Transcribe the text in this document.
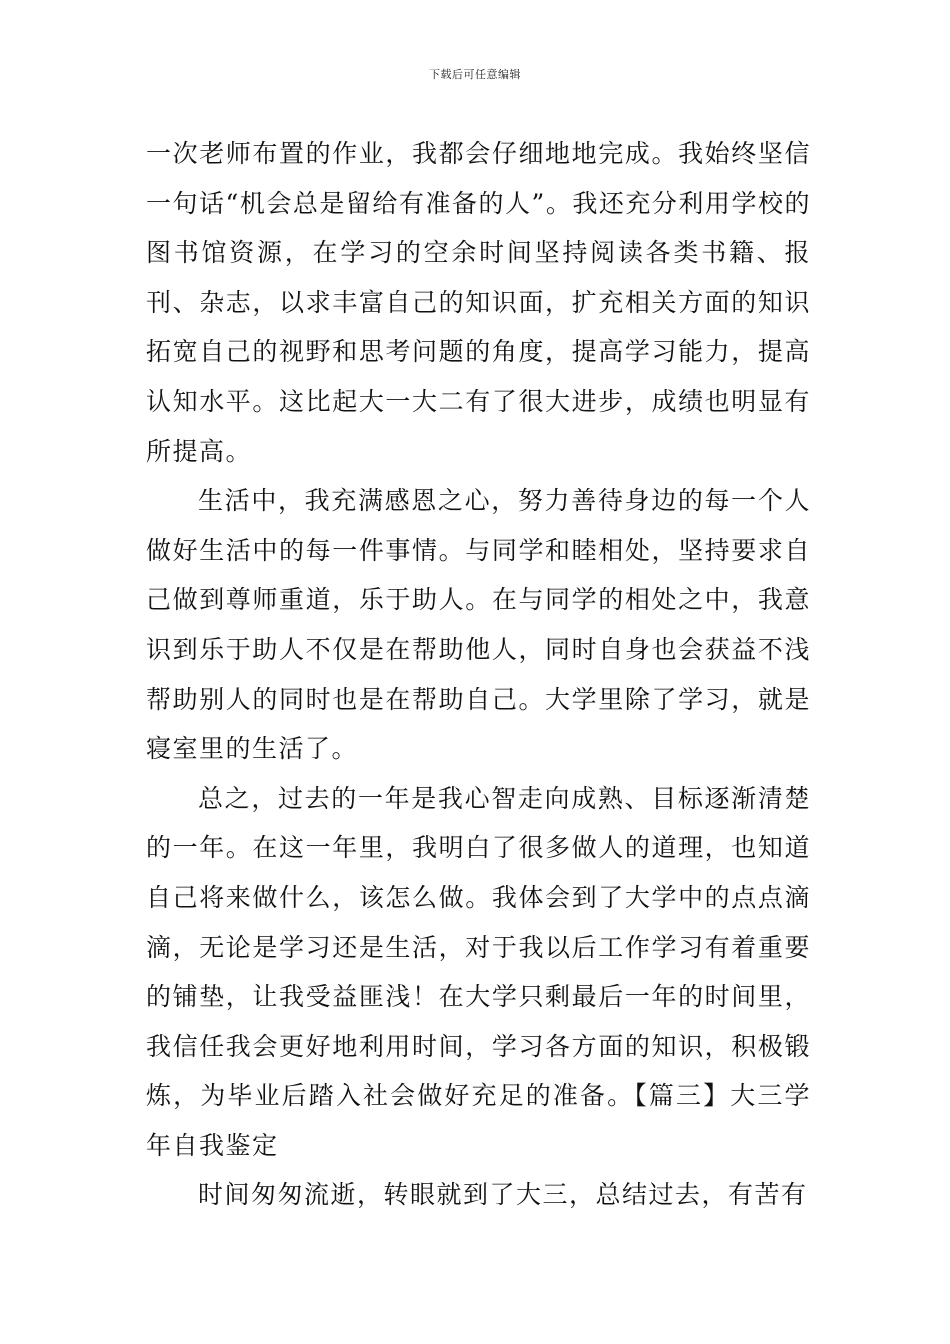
下载后可任意编辑

一次老师布置的作业，我都会仔细地地完成。我始终坚信一句话“机会总是留给有准备的人”。我还充分利用学校的图书馆资源，在学习的空余时间坚持阅读各类书籍、报刊、杂志，以求丰富自己的知识面，扩充相关方面的知识拓宽自己的视野和思考问题的角度，提高学习能力，提高认知水平。这比起大一大二有了很大进步，成绩也明显有所提高。

生活中，我充满感恩之心，努力善待身边的每一个人做好生活中的每一件事情。与同学和睦相处，坚持要求自己做到尊师重道，乐于助人。在与同学的相处之中，我意识到乐于助人不仅是在帮助他人，同时自身也会获益不浅帮助别人的同时也是在帮助自己。大学里除了学习，就是寝室里的生活了。

总之，过去的一年是我心智走向成熟、目标逐渐清楚的一年。在这一年里，我明白了很多做人的道理，也知道自己将来做什么，该怎么做。我体会到了大学中的点点滴滴，无论是学习还是生活，对于我以后工作学习有着重要的铺垫，让我受益匪浅！在大学只剩最后一年的时间里，我信任我会更好地利用时间，学习各方面的知识，积极锻炼，为毕业后踏入社会做好充足的准备。【篇三】大三学年自我鉴定

时间匆匆流逝，转眼就到了大三，总结过去，有苦有
